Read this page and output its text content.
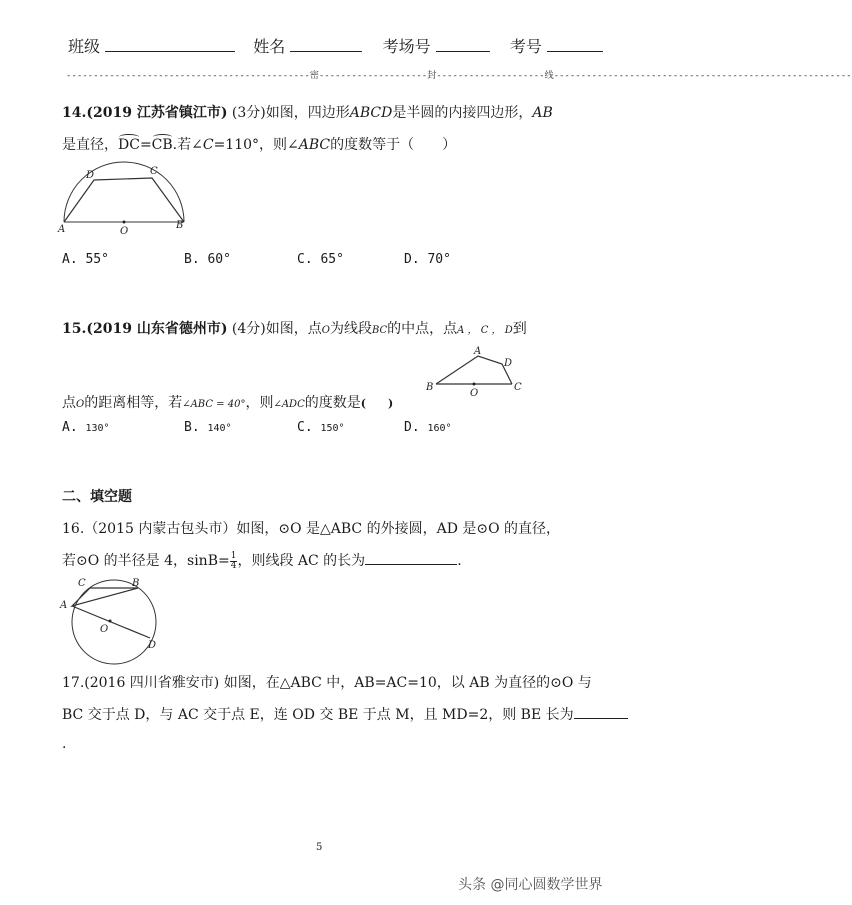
班级	姓名	考场号	考号
---------------------------------------------密--------------------封--------------------线-------------------------------------------------------
14.(2019 江苏省镇江市) (3分)如图，四边形ABCD是半圆的内接四边形，AB
是直径，DC=CB.若∠C=110°，则∠ABC的度数等于（　　）
D	C
A	O
B
A. 55°	B. 60°	C. 65°	D. 70°
15.(2019 山东省德州市) (4分)如图，点O为线段BC的中点，点A ， C ， D到
A
D
B
O
C
点O的距离相等，若∠ABC = 40°，则∠ADC的度数是(　　)
A. 130°	B. 140°	C. 150°	D. 160°
二、填空题
16.（2015 内蒙古包头市）如图，⊙O 是△ABC 的外接圆，AD 是⊙O 的直径，
若⊙O 的半径是 4，$\sin B= \frac{1}{4}$ ，则线段 AC 的长为	.
C	B
A
O
D
17.(2016 四川省雅安市) 如图，在△ABC 中，AB=AC=10，以 AB 为直径的⊙O 与
BC 交于点 D，与 AC 交于点 E，连 OD 交 BE 于点 M，且 MD=2，则 BE 长为
.
5
头条 @同心圆数学世界
